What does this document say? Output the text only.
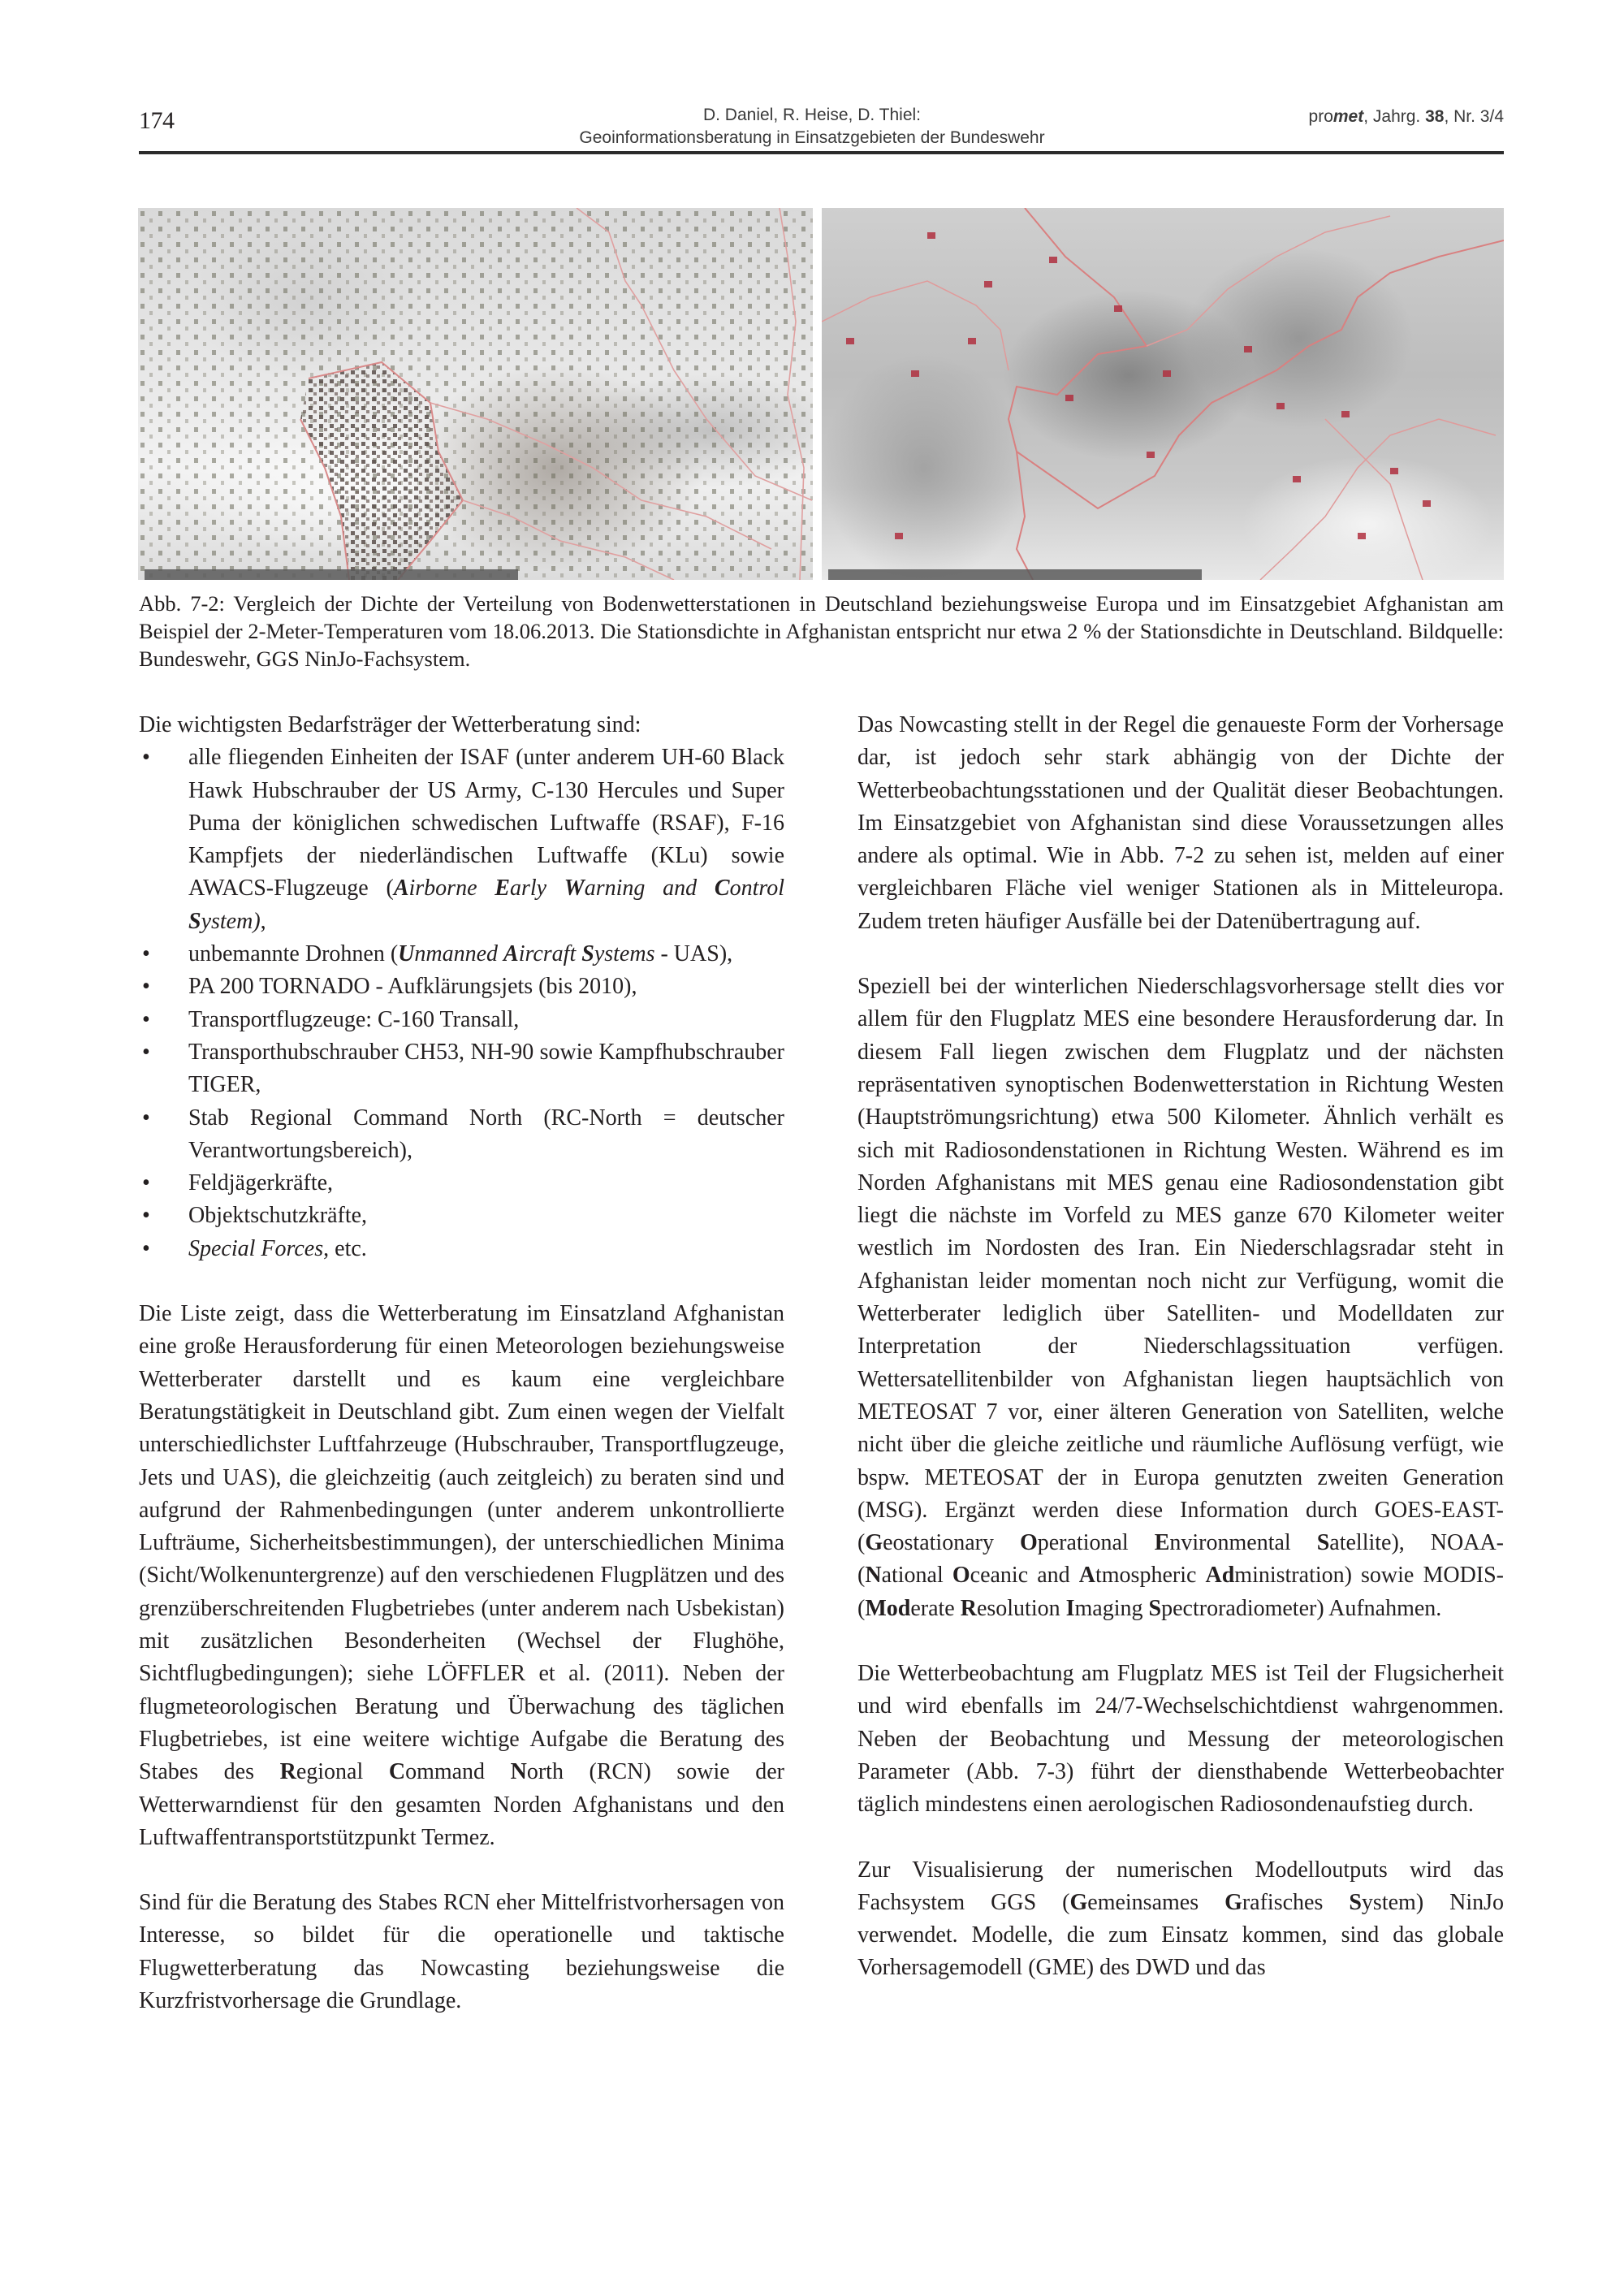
174	D. Daniel, R. Heise, D. Thiel:
Geoinformationsberatung in Einsatzgebieten der Bundeswehr
promet, Jahrg. 38, Nr. 3/4
Abb. 7-2: Vergleich der Dichte der Verteilung von Bodenwetterstationen in Deutschland beziehungsweise Europa und im Einsatzgebiet Afghanistan am Beispiel der 2-Meter-Temperaturen vom 18.06.2013. Die Stationsdichte in Afghanistan entspricht nur etwa 2 % der Stationsdichte in Deutschland. Bildquelle: Bundeswehr, GGS NinJo-Fachsystem.

Die wichtigsten Bedarfsträger der Wetterberatung sind:

• alle fliegenden Einheiten der ISAF (unter anderem UH-60 Black Hawk Hubschrauber der US Army, C-130 Hercules und Super Puma der königlichen schwedischen Luftwaffe (RSAF), F-16 Kampfjets der niederländischen Luftwaffe (KLu) sowie AWACS-Flugzeuge (Airborne Early Warning and Control System),
• unbemannte Drohnen (Unmanned Aircraft Systems - UAS),
• PA 200 TORNADO - Aufklärungsjets (bis 2010),
• Transportflugzeuge: C-160 Transall,
• Transporthubschrauber CH53, NH-90 sowie Kampfhubschrauber TIGER,
• Stab Regional Command North (RC-North = deutscher Verantwortungsbereich),
• Feldjägerkräfte,
• Objektschutzkräfte,
• Special Forces, etc.

Die Liste zeigt, dass die Wetterberatung im Einsatzland Afghanistan eine große Herausforderung für einen Meteorologen beziehungsweise Wetterberater darstellt und es kaum eine vergleichbare Beratungstätigkeit in Deutschland gibt. Zum einen wegen der Vielfalt unterschiedlichster Luftfahrzeuge (Hubschrauber, Transportflugzeuge, Jets und UAS), die gleichzeitig (auch zeitgleich) zu beraten sind und aufgrund der Rahmenbedingungen (unter anderem unkontrollierte Lufträume, Sicherheitsbestimmungen), der unterschiedlichen Minima (Sicht/Wolkenuntergrenze) auf den verschiedenen Flugplätzen und des grenzüberschreitenden Flugbetriebes (unter anderem nach Usbekistan) mit zusätzlichen Besonderheiten (Wechsel der Flughöhe, Sichtflugbedingungen); siehe LÖFFLER et al. (2011). Neben der flugmeteorologischen Beratung und Überwachung des täglichen Flugbetriebes, ist eine weitere wichtige Aufgabe die Beratung des Stabes des Regional Command North (RCN) sowie der Wetterwarndienst für den gesamten Norden Afghanistans und den Luftwaffentransportstützpunkt Termez.

Sind für die Beratung des Stabes RCN eher Mittelfristvorhersagen von Interesse, so bildet für die operationelle und taktische Flugwetterberatung das Nowcasting beziehungsweise die Kurzfristvorhersage die Grundlage.

Das Nowcasting stellt in der Regel die genaueste Form der Vorhersage dar, ist jedoch sehr stark abhängig von der Dichte der Wetterbeobachtungsstationen und der Qualität dieser Beobachtungen. Im Einsatzgebiet von Afghanistan sind diese Voraussetzungen alles andere als optimal. Wie in Abb. 7-2 zu sehen ist, melden auf einer vergleichbaren Fläche viel weniger Stationen als in Mitteleuropa. Zudem treten häufiger Ausfälle bei der Datenübertragung auf.

Speziell bei der winterlichen Niederschlagsvorhersage stellt dies vor allem für den Flugplatz MES eine besondere Herausforderung dar. In diesem Fall liegen zwischen dem Flugplatz und der nächsten repräsentativen synoptischen Bodenwetterstation in Richtung Westen (Hauptströmungsrichtung) etwa 500 Kilometer. Ähnlich verhält es sich mit Radiosondenstationen in Richtung Westen. Während es im Norden Afghanistans mit MES genau eine Radiosondenstation gibt liegt die nächste im Vorfeld zu MES ganze 670 Kilometer weiter westlich im Nordosten des Iran. Ein Niederschlagsradar steht in Afghanistan leider momentan noch nicht zur Verfügung, womit die Wetterberater lediglich über Satelliten- und Modelldaten zur Interpretation der Niederschlagssituation verfügen. Wettersatellitenbilder von Afghanistan liegen hauptsächlich von METEOSAT 7 vor, einer älteren Generation von Satelliten, welche nicht über die gleiche zeitliche und räumliche Auflösung verfügt, wie bspw. METEOSAT der in Europa genutzten zweiten Generation (MSG). Ergänzt werden diese Information durch GOES-EAST- (Geostationary Operational Environmental Satellite), NOAA- (National Oceanic and Atmospheric Administration) sowie MODIS- (Moderate Resolution Imaging Spectroradiometer) Aufnahmen.

Die Wetterbeobachtung am Flugplatz MES ist Teil der Flugsicherheit und wird ebenfalls im 24/7-Wechselschichtdienst wahrgenommen. Neben der Beobachtung und Messung der meteorologischen Parameter (Abb. 7-3) führt der diensthabende Wetterbeobachter täglich mindestens einen aerologischen Radiosondenaufstieg durch.

Zur Visualisierung der numerischen Modelloutputs wird das Fachsystem GGS (Gemeinsames Grafisches System) NinJo verwendet. Modelle, die zum Einsatz kommen, sind das globale Vorhersagemodell (GME) des DWD und das
